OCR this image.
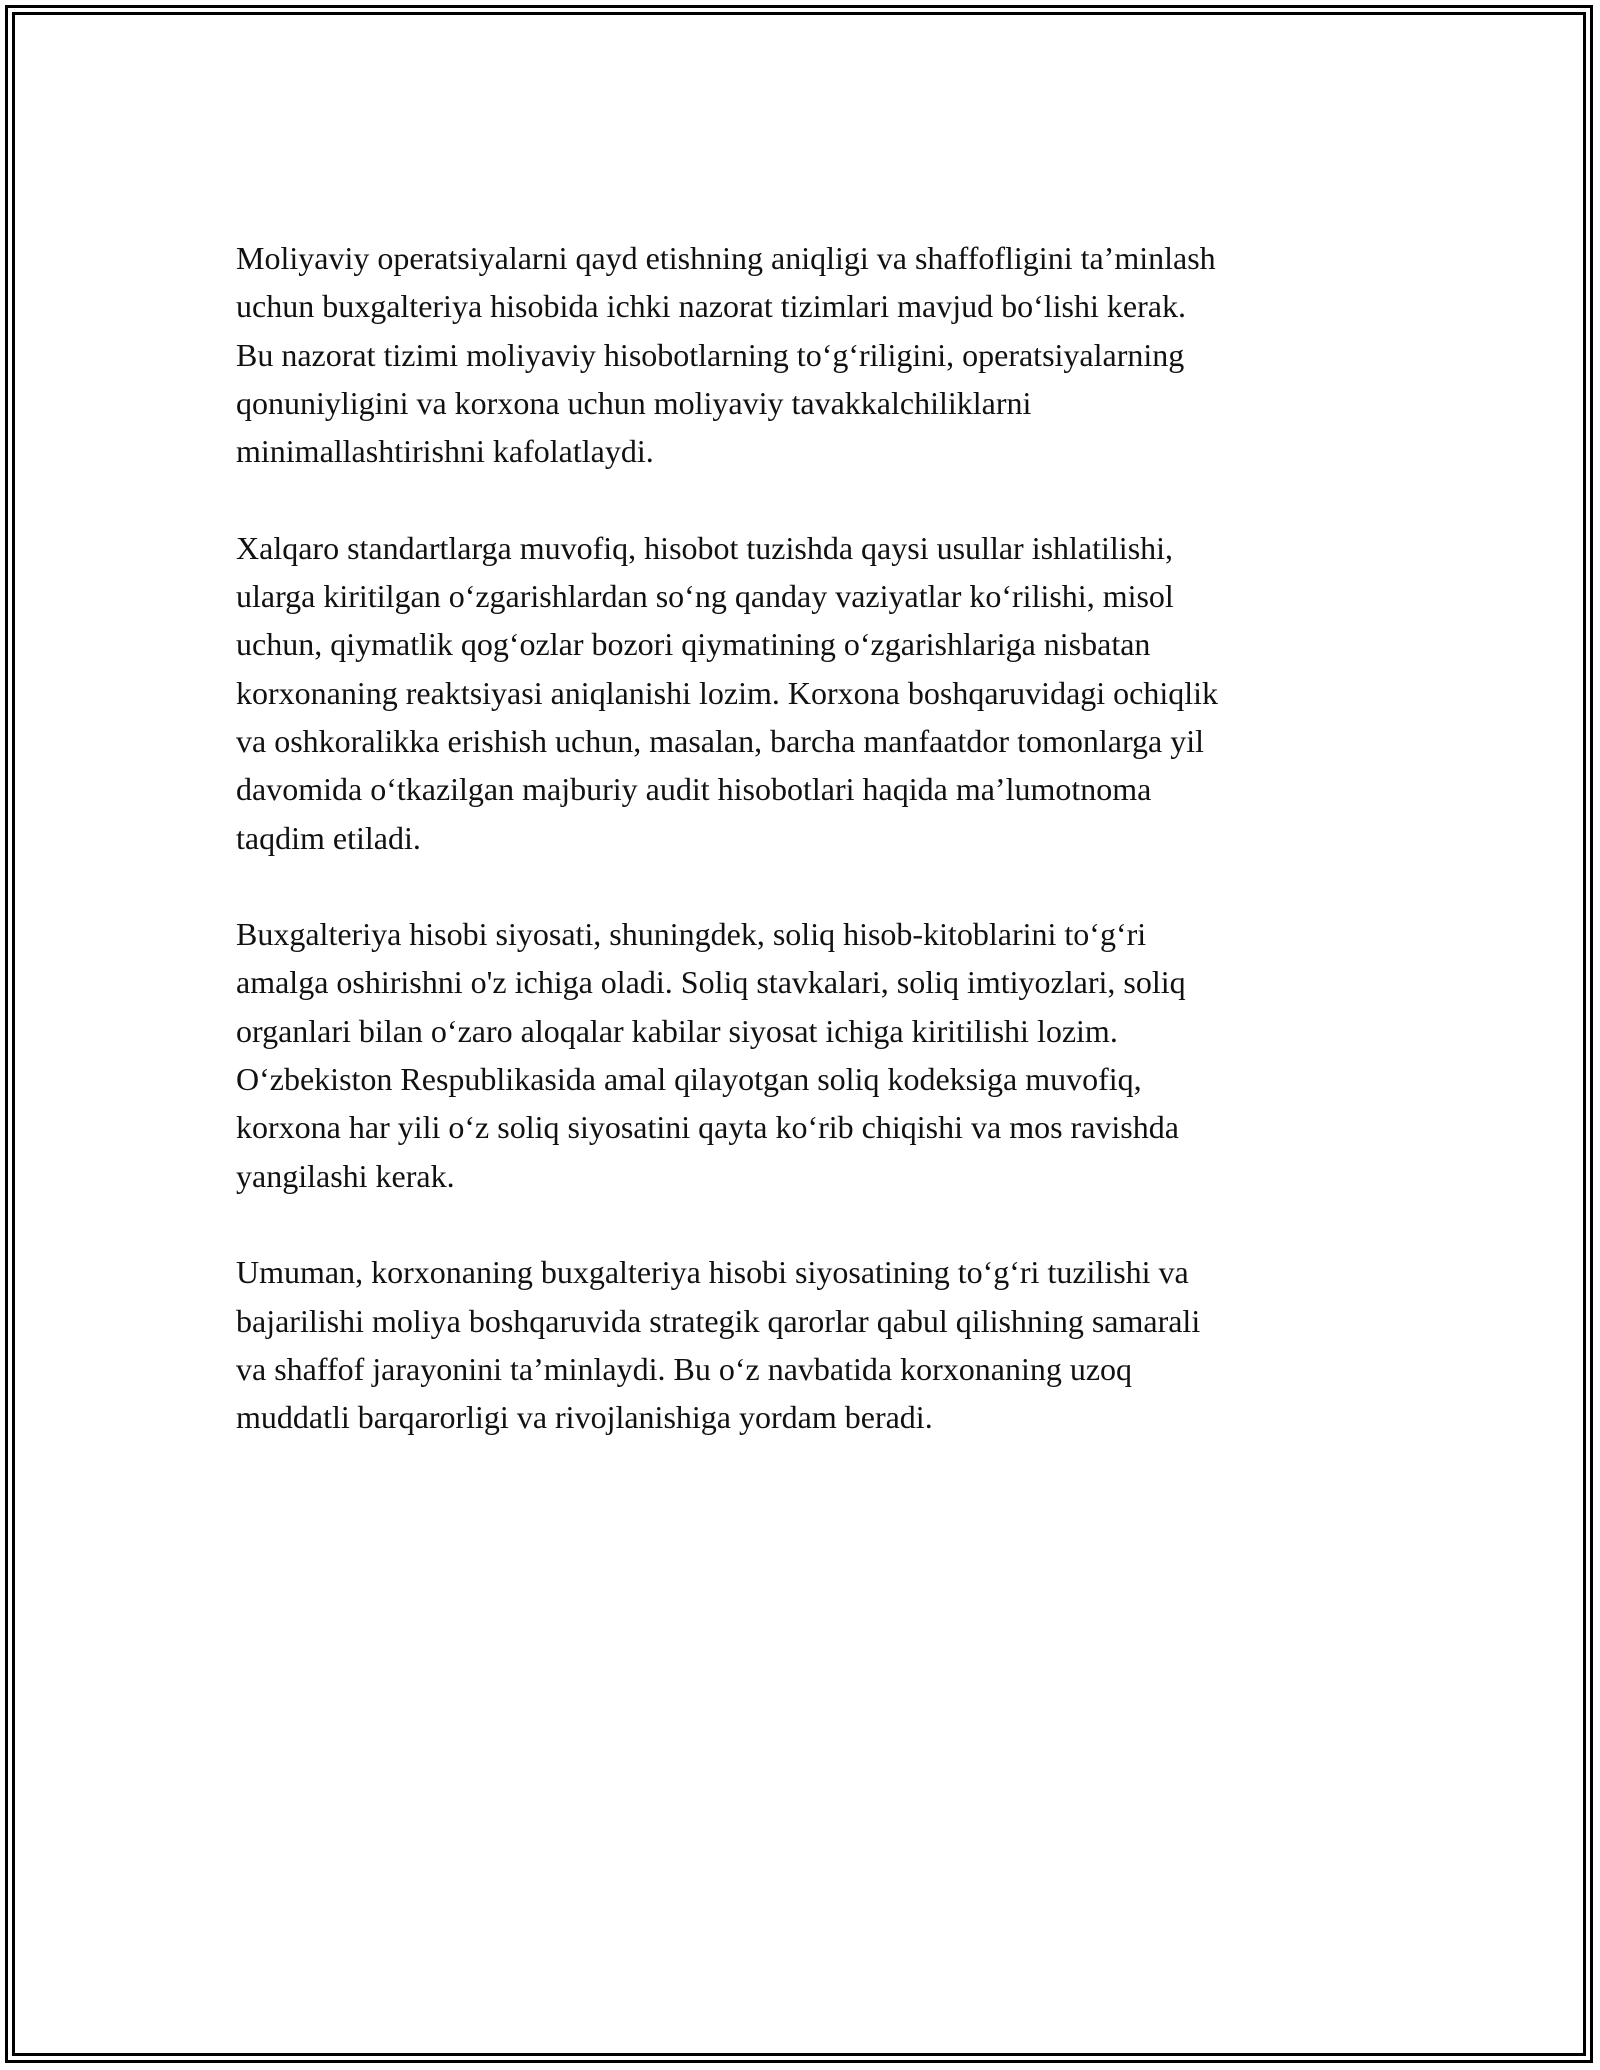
Moliyaviy operatsiyalarni qayd etishning aniqligi va shaffofligini ta’minlash
uchun buxgalteriya hisobida ichki nazorat tizimlari mavjud bo‘lishi kerak.
Bu nazorat tizimi moliyaviy hisobotlarning to‘g‘riligini, operatsiyalarning
qonuniyligini va korxona uchun moliyaviy tavakkalchiliklarni
minimallashtirishni kafolatlaydi.

Xalqaro standartlarga muvofiq, hisobot tuzishda qaysi usullar ishlatilishi,
ularga kiritilgan o‘zgarishlardan so‘ng qanday vaziyatlar ko‘rilishi, misol
uchun, qiymatlik qog‘ozlar bozori qiymatining o‘zgarishlariga nisbatan
korxonaning reaktsiyasi aniqlanishi lozim. Korxona boshqaruvidagi ochiqlik
va oshkoralikka erishish uchun, masalan, barcha manfaatdor tomonlarga yil
davomida o‘tkazilgan majburiy audit hisobotlari haqida ma’lumotnoma
taqdim etiladi.

Buxgalteriya hisobi siyosati, shuningdek, soliq hisob-kitoblarini to‘g‘ri
amalga oshirishni o'z ichiga oladi. Soliq stavkalari, soliq imtiyozlari, soliq
organlari bilan o‘zaro aloqalar kabilar siyosat ichiga kiritilishi lozim.
O‘zbekiston Respublikasida amal qilayotgan soliq kodeksiga muvofiq,
korxona har yili o‘z soliq siyosatini qayta ko‘rib chiqishi va mos ravishda
yangilashi kerak.

Umuman, korxonaning buxgalteriya hisobi siyosatining to‘g‘ri tuzilishi va
bajarilishi moliya boshqaruvida strategik qarorlar qabul qilishning samarali
va shaffof jarayonini ta’minlaydi. Bu o‘z navbatida korxonaning uzoq
muddatli barqarorligi va rivojlanishiga yordam beradi.
